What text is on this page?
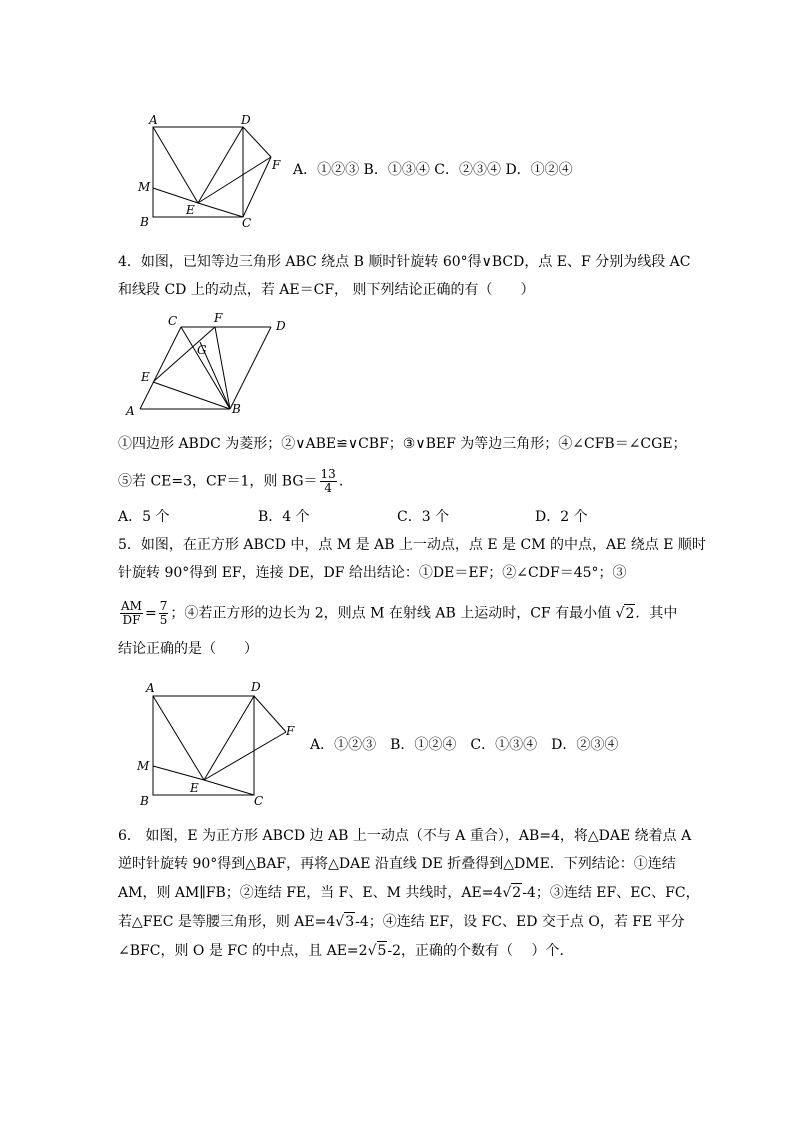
A	D
F
M
E
B	C
A．①②③ B．①③④ C．②③④ D．①②④
4．如图，已知等边三角形 ABC 绕点 B 顺时针旋转 60°得∨BCD，点 E、F 分别为线段 AC
和线段 CD 上的动点，若 AE＝CF， 则下列结论正确的有（　　）
C	F
D
G
E
A	B
①四边形 ABDC 为菱形；②∨ABE≌∨CBF；③∨BEF 为等边三角形；④∠CFB＝∠CGE；
⑤若 CE=3，CF＝1，则 $BG= \frac{13}{4}$ .
A．5 个	B．4 个	C．3 个	D．2 个
5．如图，在正方形 ABCD 中，点 M 是 AB 上一动点，点 E 是 CM 的中点，AE 绕点 E 顺时
针旋转 90°得到 EF，连接 DE，DF 给出结论：①DE＝EF；②∠CDF＝45°；③
$\frac{AM}{DF} = \frac{7}{5}$ ；④若正方形的边长为 2，则点 M 在射线 AB 上运动时，CF 有最小值 √2．其中
结论正确的是（　　）
A	D
F
M
E
B	C
A．①②③　B．①②④　C．①③④　D．②③④
6． 如图，E 为正方形 ABCD 边 AB 上一动点（不与 A 重合），AB=4，将△DAE 绕着点 A
逆时针旋转 90°得到△BAF，再将△DAE 沿直线 DE 折叠得到△DME．下列结论：①连结
AM，则 AM∥FB；②连结 FE，当 F、E、M 共线时，AE=4√2-4；③连结 EF、EC、FC，
若△FEC 是等腰三角形，则 AE=4√3-4；④连结 EF，设 FC、ED 交于点 O，若 FE 平分
∠BFC，则 O 是 FC 的中点，且 AE=2√5-2，正确的个数有（　 ）个．
